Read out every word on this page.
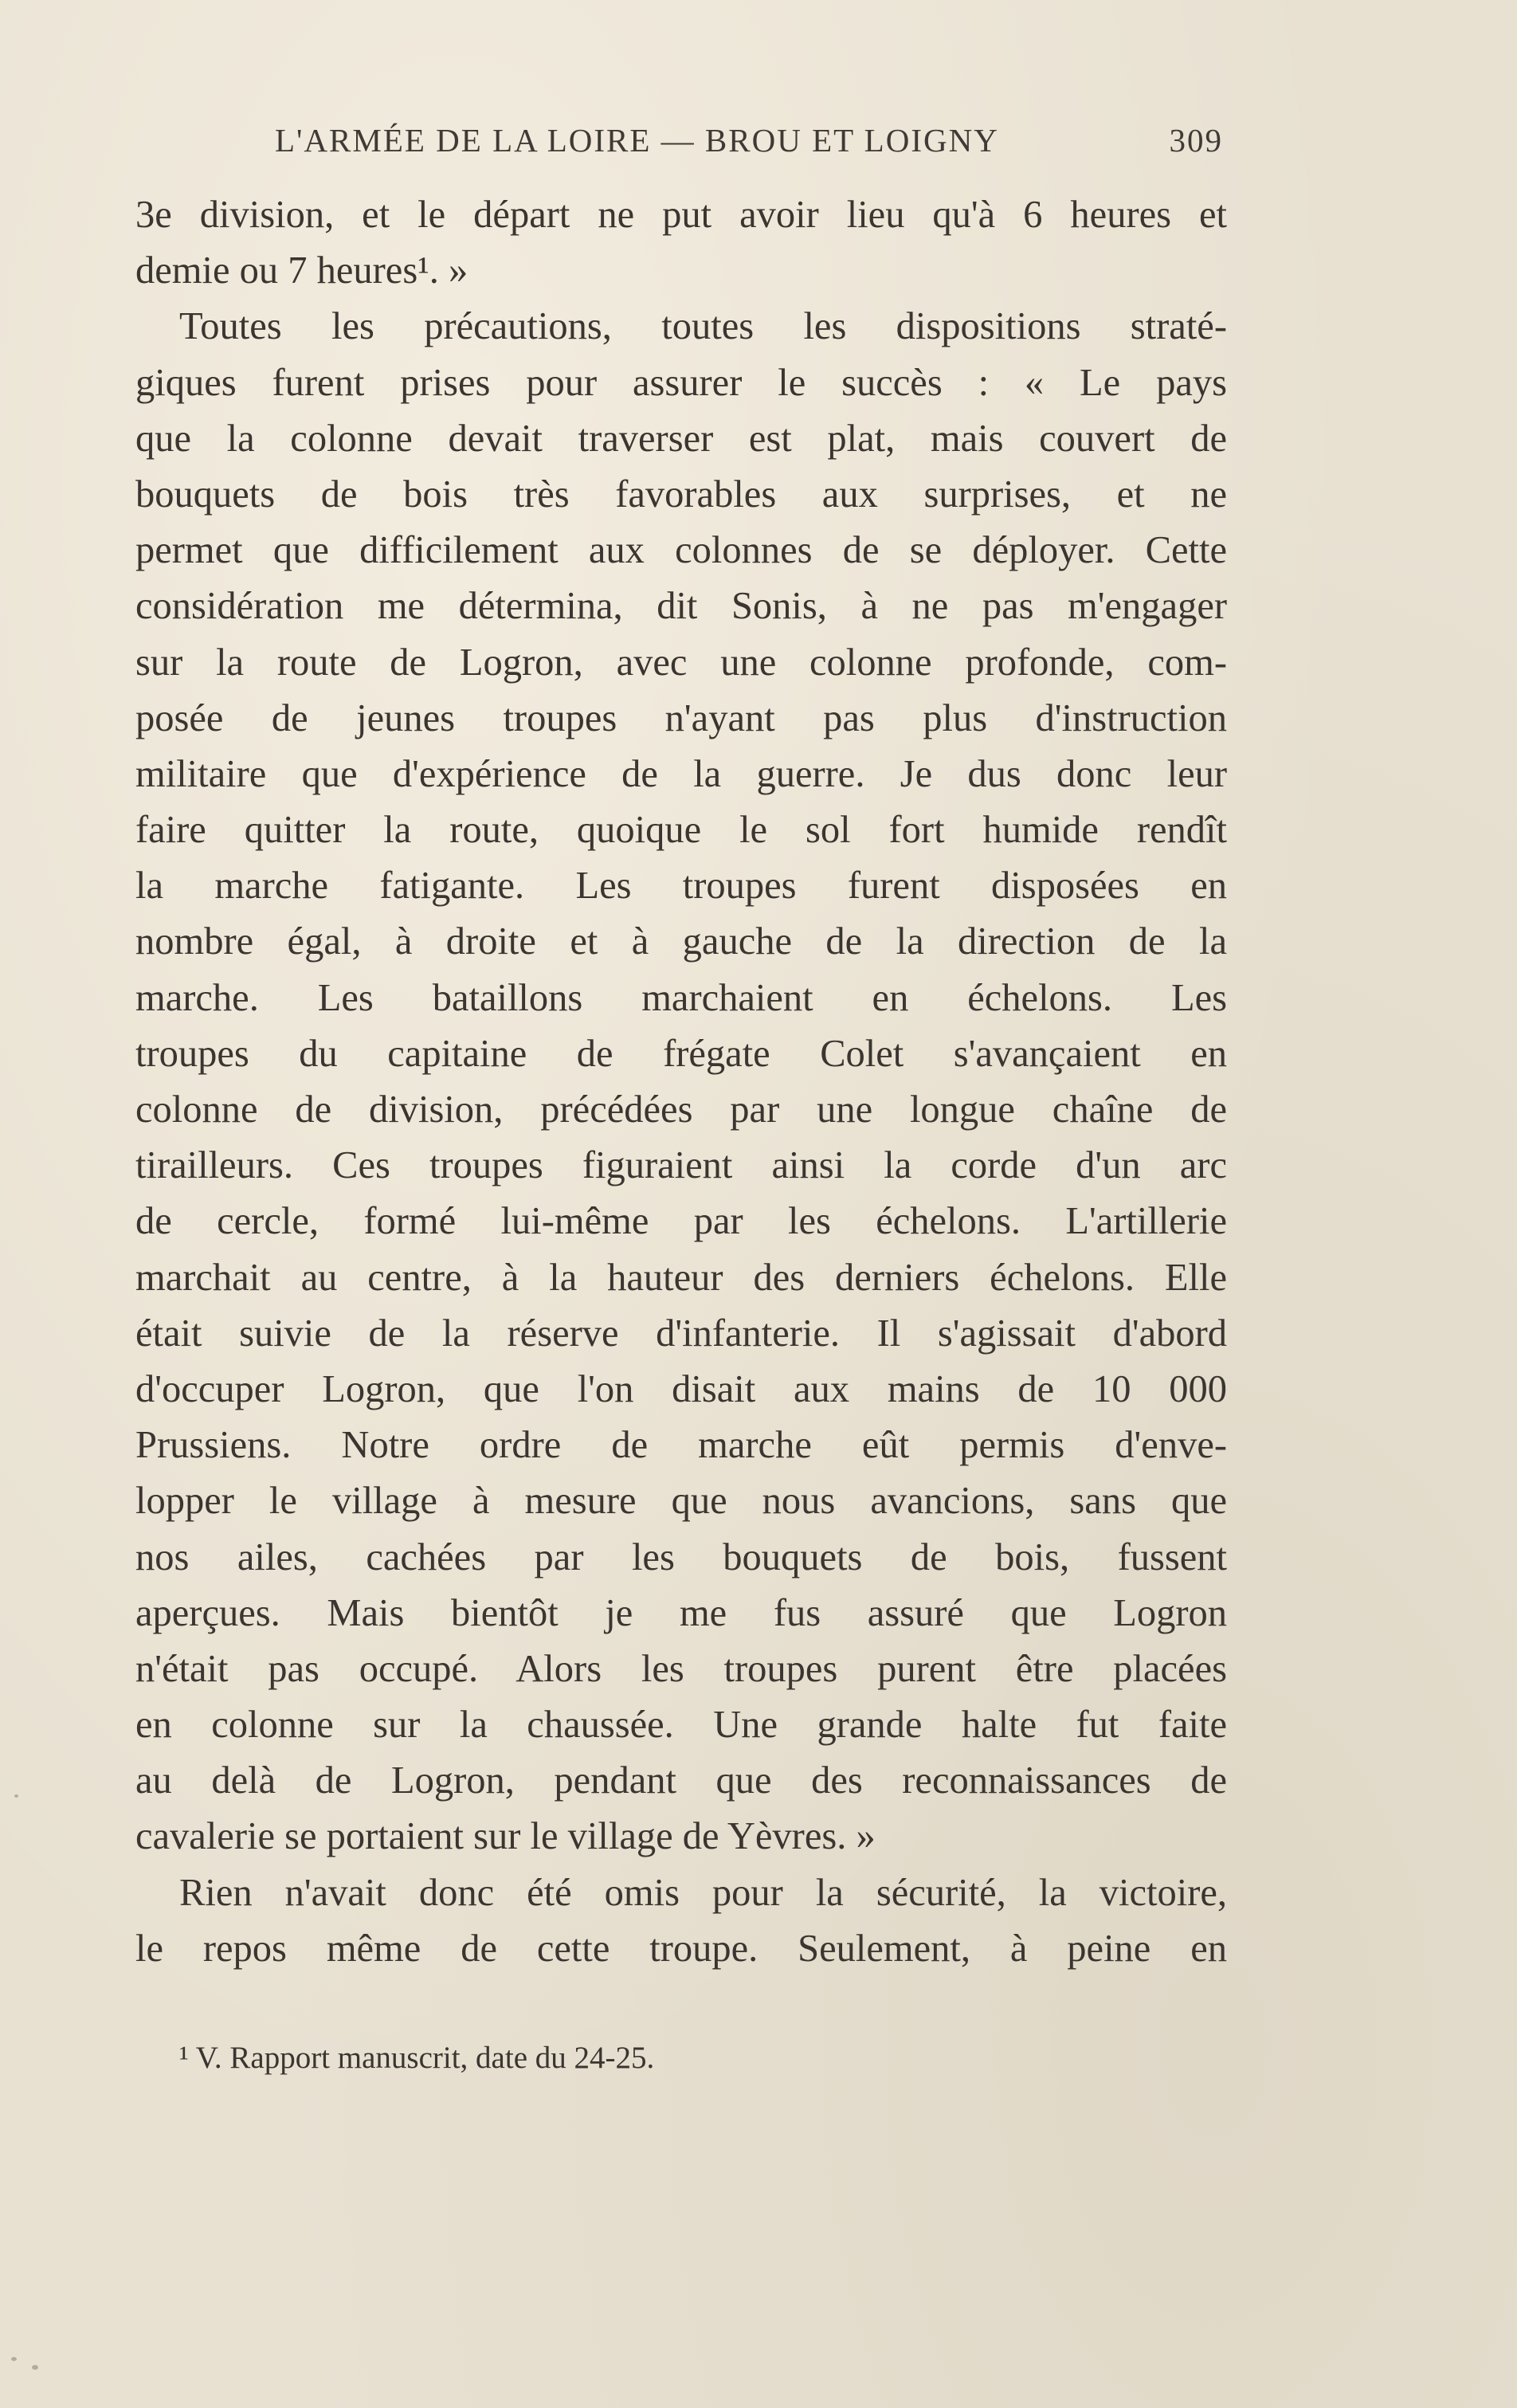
L'ARMÉE DE LA LOIRE — BROU ET LOIGNY	309
3e division, et le départ ne put avoir lieu qu'à 6 heures et
demie ou 7 heures¹. »
Toutes les précautions, toutes les dispositions straté-
giques furent prises pour assurer le succès : « Le pays
que la colonne devait traverser est plat, mais couvert de
bouquets de bois très favorables aux surprises, et ne
permet que difficilement aux colonnes de se déployer. Cette
considération me détermina, dit Sonis, à ne pas m'engager
sur la route de Logron, avec une colonne profonde, com-
posée de jeunes troupes n'ayant pas plus d'instruction
militaire que d'expérience de la guerre. Je dus donc leur
faire quitter la route, quoique le sol fort humide rendît
la marche fatigante. Les troupes furent disposées en
nombre égal, à droite et à gauche de la direction de la
marche. Les bataillons marchaient en échelons. Les
troupes du capitaine de frégate Colet s'avançaient en
colonne de division, précédées par une longue chaîne de
tirailleurs. Ces troupes figuraient ainsi la corde d'un arc
de cercle, formé lui-même par les échelons. L'artillerie
marchait au centre, à la hauteur des derniers échelons. Elle
était suivie de la réserve d'infanterie. Il s'agissait d'abord
d'occuper Logron, que l'on disait aux mains de 10 000
Prussiens. Notre ordre de marche eût permis d'enve-
lopper le village à mesure que nous avancions, sans que
nos ailes, cachées par les bouquets de bois, fussent
aperçues. Mais bientôt je me fus assuré que Logron
n'était pas occupé. Alors les troupes purent être placées
en colonne sur la chaussée. Une grande halte fut faite
au delà de Logron, pendant que des reconnaissances de
cavalerie se portaient sur le village de Yèvres. »
Rien n'avait donc été omis pour la sécurité, la victoire,
le repos même de cette troupe. Seulement, à peine en
¹ V. Rapport manuscrit, date du 24-25.
